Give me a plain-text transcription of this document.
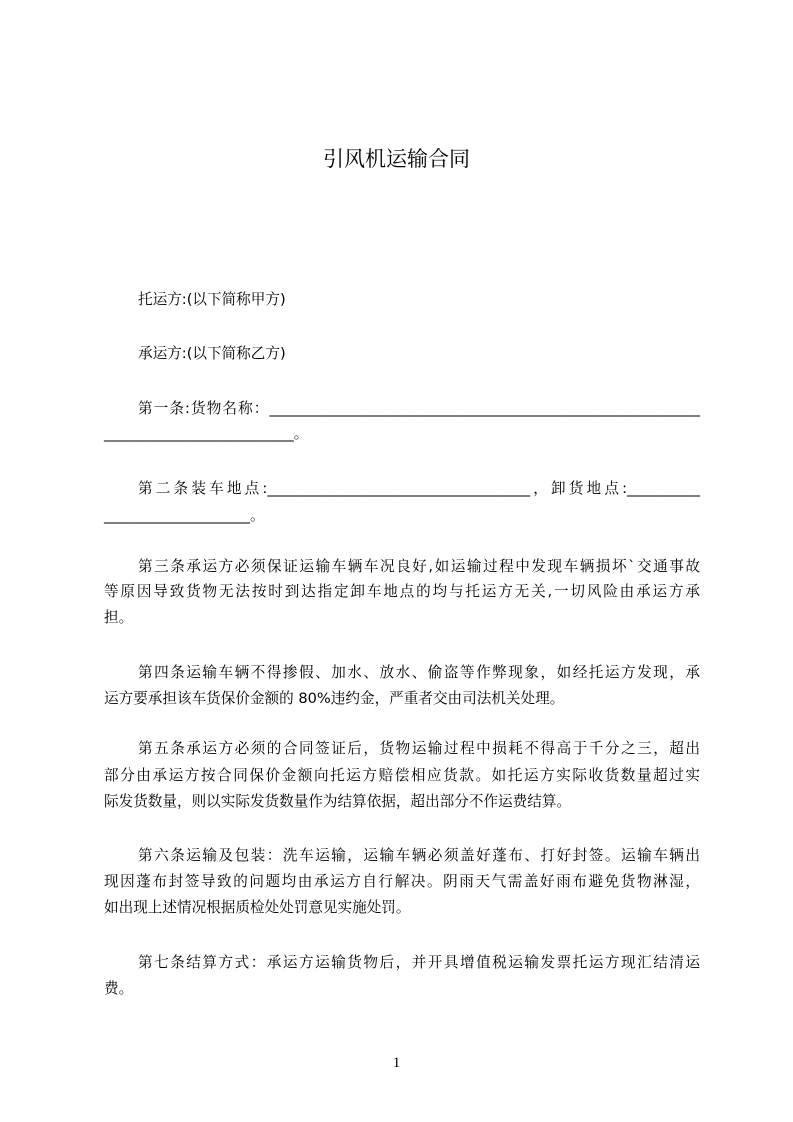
引风机运输合同
托运方:(以下简称甲方)
承运方:(以下简称乙方)
第一条:货物名称：___________________________________________________________
__________________________。
第二条装车地点:____________________________________，卸货地点:__________
____________________。
第三条承运方必须保证运输车辆车况良好,如运输过程中发现车辆损坏`交通事故
等原因导致货物无法按时到达指定卸车地点的均与托运方无关,一切风险由承运方承
担。
第四条运输车辆不得掺假、加水、放水、偷盗等作弊现象，如经托运方发现，承
运方要承担该车货保价金额的 80%违约金，严重者交由司法机关处理。
第五条承运方必须的合同签证后，货物运输过程中损耗不得高于千分之三，超出
部分由承运方按合同保价金额向托运方赔偿相应货款。如托运方实际收货数量超过实
际发货数量，则以实际发货数量作为结算依据，超出部分不作运费结算。
第六条运输及包装：洗车运输，运输车辆必须盖好蓬布、打好封签。运输车辆出
现因蓬布封签导致的问题均由承运方自行解决。阴雨天气需盖好雨布避免货物淋湿，
如出现上述情况根据质检处处罚意见实施处罚。
第七条结算方式：承运方运输货物后，并开具增值税运输发票托运方现汇结清运
费。
1
